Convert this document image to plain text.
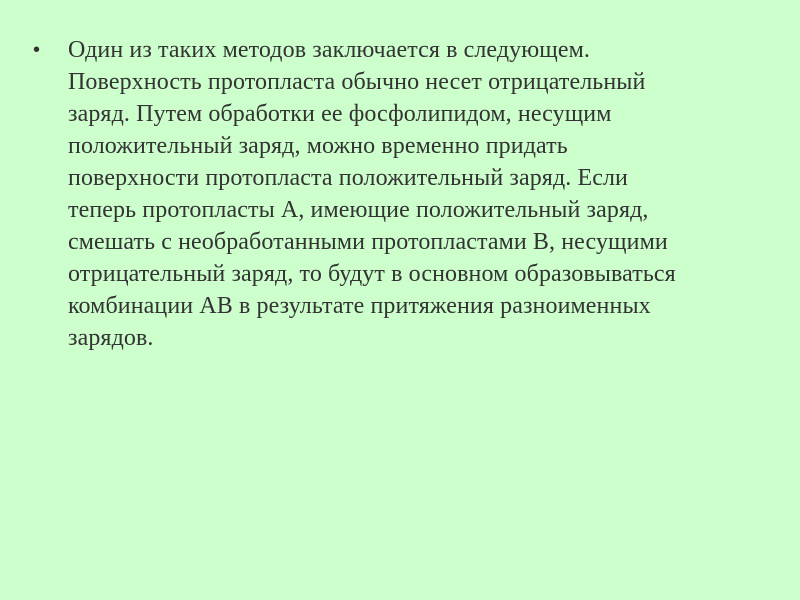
•	Один из таких методов заключается в следующем.
Поверхность протопласта обычно несет отрицательный
заряд. Путем обработки ее фосфолипидом, несущим
положительный заряд, можно временно придать
поверхности протопласта положительный заряд. Если
теперь протопласты А, имеющие положительный заряд,
смешать с необработанными протопластами В, несущими
отрицательный заряд, то будут в основном образовываться
комбинации АВ в результате притяжения разноименных
зарядов.
